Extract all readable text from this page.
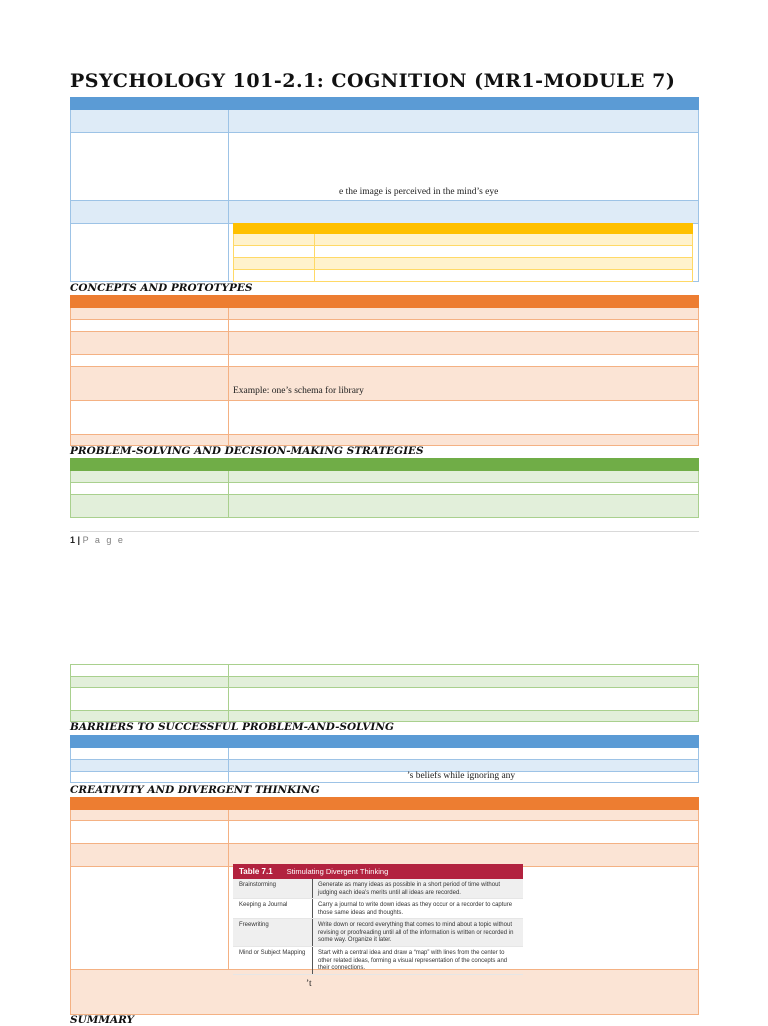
PSYCHOLOGY 101-2.1: COGNITION (MR1-MODULE 7)

e the image is perceived in the mind’s eye

CONCEPTS AND PROTOTYPES

Example: one’s schema for library
PROBLEM-SOLVING AND DECISION-MAKING STRATEGIES

1 | P a g e

BARRIERS TO SUCCESSFUL PROBLEM-AND-SOLVING

’s beliefs while ignoring any
CREATIVITY AND DIVERGENT THINKING

’t
Table 7.1 Stimulating Divergent Thinking
Brainstorming	Generate as many ideas as possible in a short period of time without judging each idea’s merits until all ideas are recorded.
Keeping a Journal	Carry a journal to write down ideas as they occur or a recorder to capture those same ideas and thoughts.
Freewriting	Write down or record everything that comes to mind about a topic without revising or proofreading until all of the information is written or recorded in some way. Organize it later.
Mind or Subject Mapping	Start with a central idea and draw a “map” with lines from the center to other related ideas, forming a visual representation of the concepts and their connections.
SUMMARY
